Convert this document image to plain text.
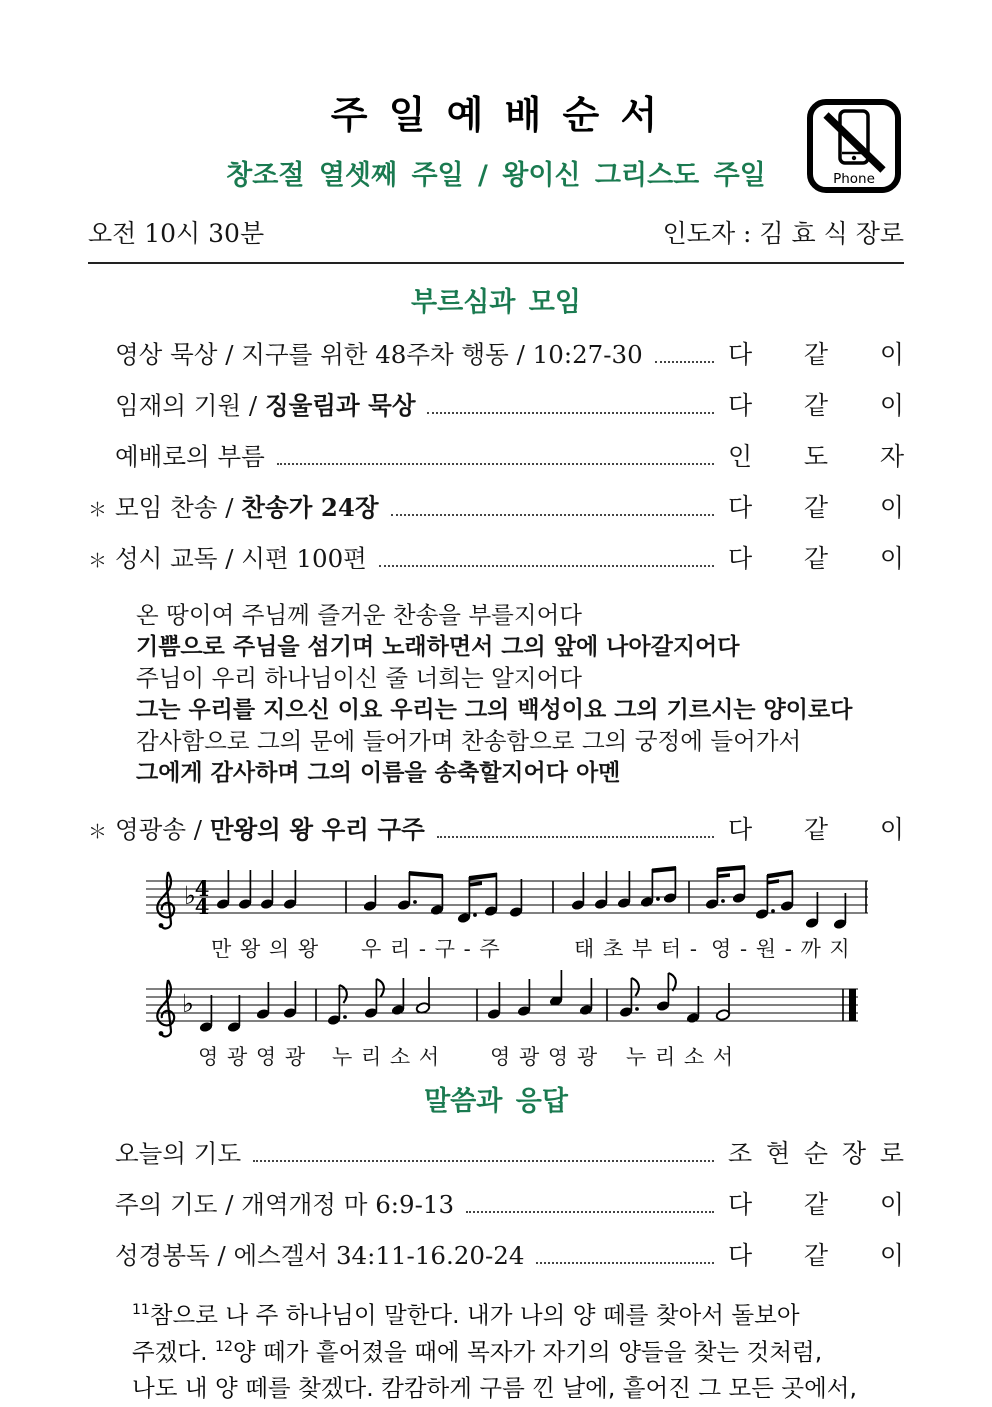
Phone
주 일 예 배 순 서
창조절 열셋째 주일 / 왕이신 그리스도 주일
오전 10시 30분	인도자 : 김 효 식 장로
부르심과 모임
영상 묵상 / 지구를 위한 48주차 행동 / 10:27-30	다 같 이
임재의 기원 / 징울림과 묵상	다 같 이
예배로의 부름	인 도 자
＊ 모임 찬송 / 찬송가 24장	다 같 이
＊ 성시 교독 / 시편 100편	다 같 이
온 땅이여 주님께 즐거운 찬송을 부를지어다
기쁨으로 주님을 섬기며 노래하면서 그의 앞에 나아갈지어다
주님이 우리 하나님이신 줄 너희는 알지어다
그는 우리를 지으신 이요 우리는 그의 백성이요 그의 기르시는 양이로다
감사함으로 그의 문에 들어가며 찬송함으로 그의 궁정에 들어가서
그에게 감사하며 그의 이름을 송축할지어다 아멘
＊ 영광송 / 만왕의 왕 우리 구주	다 같 이
♭
4
4
만 왕 의 왕 우 리 - 구 - 주	태 초 부 터 - 영 - 원 - 까 지
♭
영 광 영 광 누 리 소 서 영 광 영 광 누 리 소 서
말씀과 응답
오늘의 기도	조 현 순 장 로
주의 기도 / 개역개정 마 6:9-13	다 같 이
성경봉독 / 에스겔서 34:11-16.20-24	다 같 이
$^{11}$참으로 나 주 하나님이 말한다. 내가 나의 양 떼를 찾아서 돌보아
주겠다. $^{12}$양 떼가 흩어졌을 때에 목자가 자기의 양들을 찾는 것처럼,
나도 내 양 떼를 찾겠다. 캄캄하게 구름 낀 날에, 흩어진 그 모든 곳에서,
